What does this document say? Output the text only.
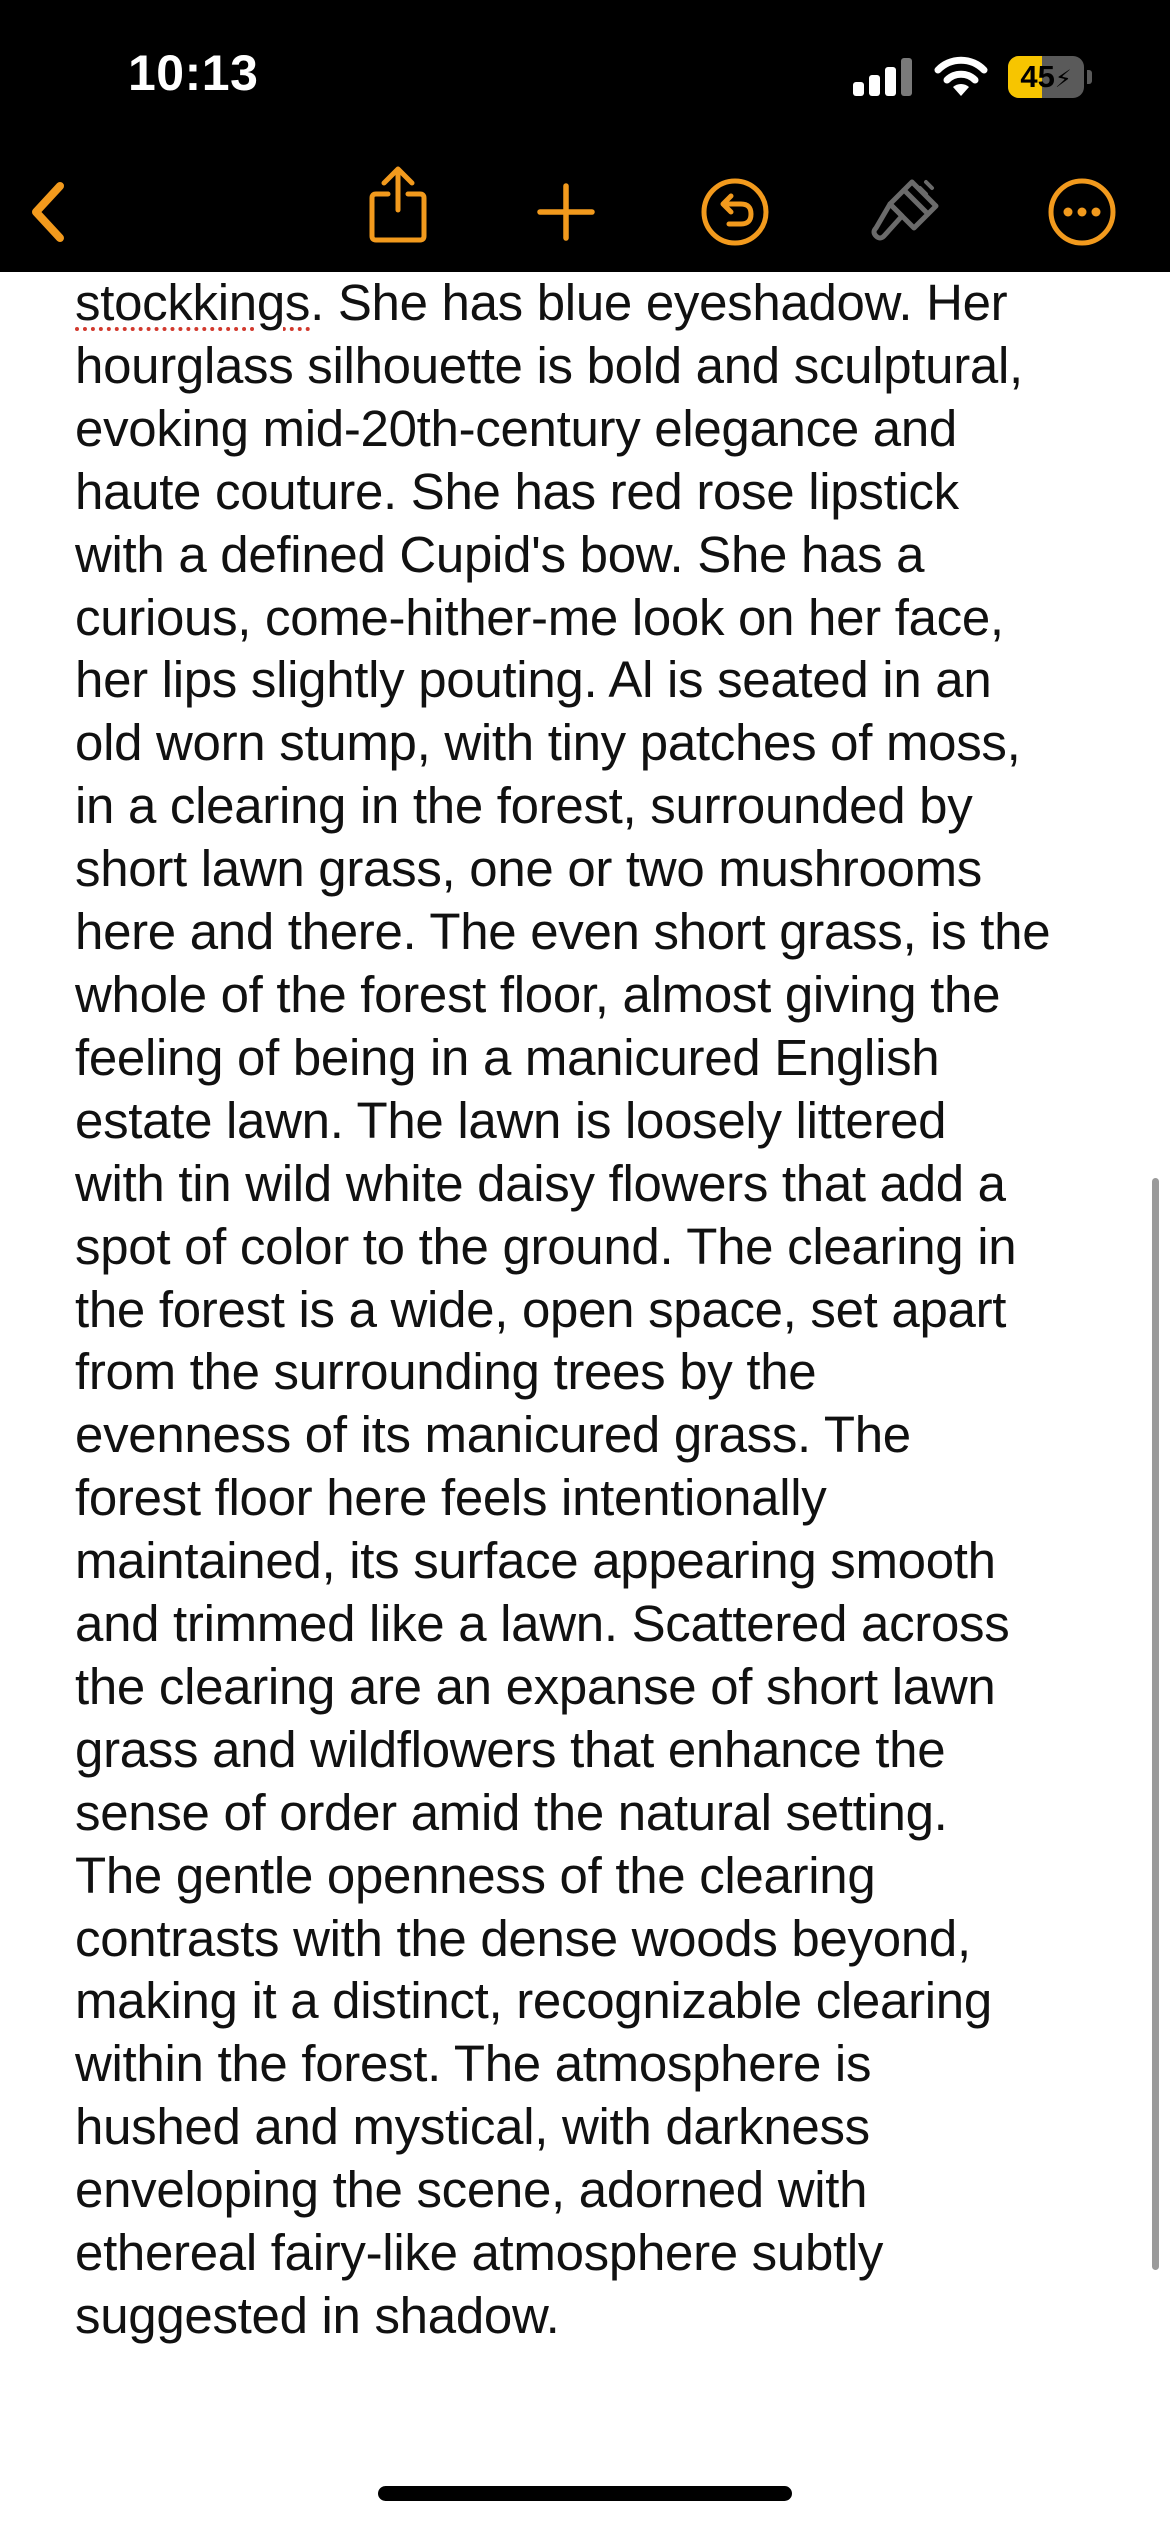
stockkings. She has blue eyeshadow. Her
hourglass silhouette is bold and sculptural,
evoking mid-20th-century elegance and
haute couture. She has red rose lipstick
with a defined Cupid's bow. She has a
curious, come-hither-me look on her face,
her lips slightly pouting. Al is seated in an
old worn stump, with tiny patches of moss,
in a clearing in the forest, surrounded by
short lawn grass, one or two mushrooms
here and there. The even short grass, is the
whole of the forest floor, almost giving the
feeling of being in a manicured English
estate lawn. The lawn is loosely littered
with tin wild white daisy flowers that add a
spot of color to the ground. The clearing in
the forest is a wide, open space, set apart
from the surrounding trees by the
evenness of its manicured grass. The
forest floor here feels intentionally
maintained, its surface appearing smooth
and trimmed like a lawn. Scattered across
the clearing are an expanse of short lawn
grass and wildflowers that enhance the
sense of order amid the natural setting.
The gentle openness of the clearing
contrasts with the dense woods beyond,
making it a distinct, recognizable clearing
within the forest. The atmosphere is
hushed and mystical, with darkness
enveloping the scene, adorned with
ethereal fairy-like atmosphere subtly
suggested in shadow.
10:13	45⚡
